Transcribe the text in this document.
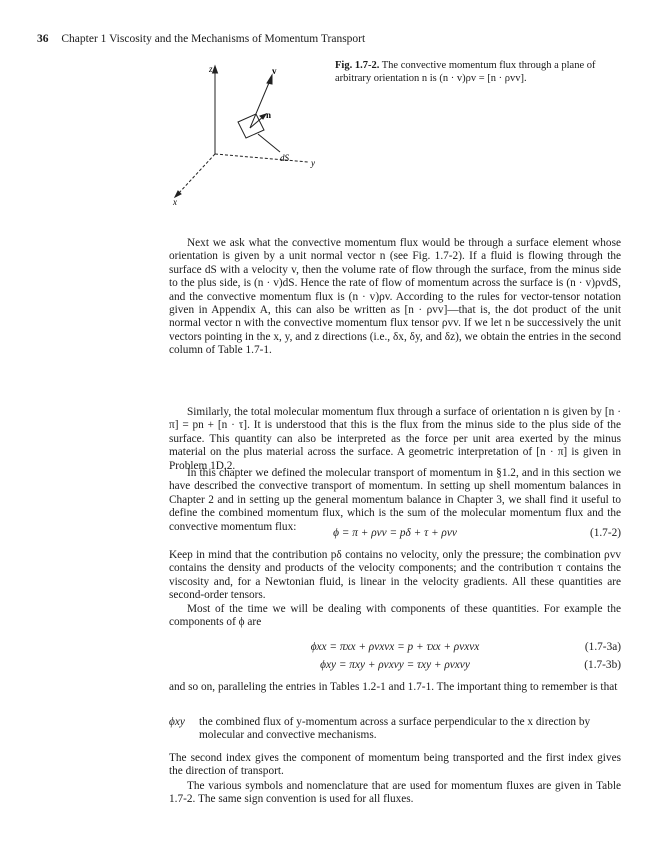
36 Chapter 1 Viscosity and the Mechanisms of Momentum Transport
z
y
x
v
n
dS
Fig. 1.7-2. The convective momentum flux through a plane of arbitrary orientation n is (n · v)ρv = [n · ρvv].

Next we ask what the convective momentum flux would be through a surface element whose orientation is given by a unit normal vector n (see Fig. 1.7-2). If a fluid is flowing through the surface dS with a velocity v, then the volume rate of flow through the surface, from the minus side to the plus side, is (n · v)dS. Hence the rate of flow of momentum across the surface is (n · v)ρvdS, and the convective momentum flux is (n · v)ρv. According to the rules for vector-tensor notation given in Appendix A, this can also be written as [n · ρvv]—that is, the dot product of the unit normal vector n with the convective momentum flux tensor ρvv. If we let n be successively the unit vectors pointing in the x, y, and z directions (i.e., δx, δy, and δz), we obtain the entries in the second column of Table 1.7-1.

Similarly, the total molecular momentum flux through a surface of orientation n is given by [n · π] = pn + [n · τ]. It is understood that this is the flux from the minus side to the plus side of the surface. This quantity can also be interpreted as the force per unit area exerted by the minus material on the plus material across the surface. A geometric interpretation of [n · π] is given in Problem 1D.2.

In this chapter we defined the molecular transport of momentum in §1.2, and in this section we have described the convective transport of momentum. In setting up shell momentum balances in Chapter 2 and in setting up the general momentum balance in Chapter 3, we shall find it useful to define the combined momentum flux, which is the sum of the molecular momentum flux and the convective momentum flux:

ϕ = π + ρvv = pδ + τ + ρvv	(1.7-2)

Keep in mind that the contribution pδ contains no velocity, only the pressure; the combination ρvv contains the density and products of the velocity components; and the contribution τ contains the viscosity and, for a Newtonian fluid, is linear in the velocity gradients. All these quantities are second-order tensors.

Most of the time we will be dealing with components of these quantities. For example the components of ϕ are

ϕxx = πxx + ρvxvx = p + τxx + ρvxvx	(1.7-3a)
ϕxy = πxy + ρvxvy = τxy + ρvxvy	(1.7-3b)

and so on, paralleling the entries in Tables 1.2-1 and 1.7-1. The important thing to remember is that

ϕxy the combined flux of y-momentum across a surface perpendicular to the x direction by molecular and convective mechanisms.

The second index gives the component of momentum being transported and the first index gives the direction of transport.

The various symbols and nomenclature that are used for momentum fluxes are given in Table 1.7-2. The same sign convention is used for all fluxes.
